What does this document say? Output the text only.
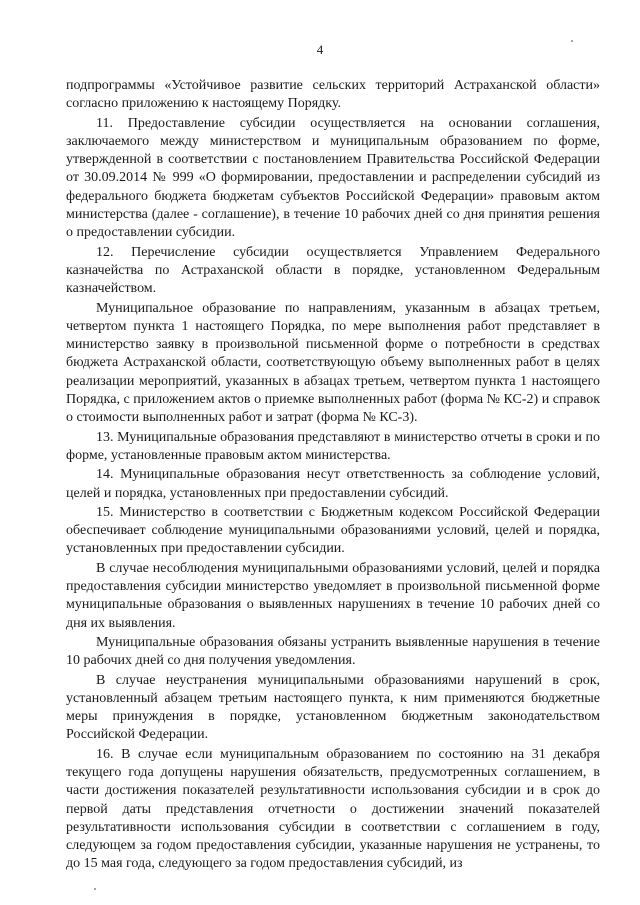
4

подпрограммы «Устойчивое развитие сельских территорий Астраханской области» согласно приложению к настоящему Порядку.

11. Предоставление субсидии осуществляется на основании соглашения, заключаемого между министерством и муниципальным образованием по форме, утвержденной в соответствии с постановлением Правительства Российской Федерации от 30.09.2014 № 999 «О формировании, предоставлении и распределении субсидий из федерального бюджета бюджетам субъектов Российской Федерации» правовым актом министерства (далее - соглашение), в течение 10 рабочих дней со дня принятия решения о предоставлении субсидии.

12. Перечисление субсидии осуществляется Управлением Федерального казначейства по Астраханской области в порядке, установленном Федеральным казначейством.

Муниципальное образование по направлениям, указанным в абзацах третьем, четвертом пункта 1 настоящего Порядка, по мере выполнения работ представляет в министерство заявку в произвольной письменной форме о потребности в средствах бюджета Астраханской области, соответствующую объему выполненных работ в целях реализации мероприятий, указанных в абзацах третьем, четвертом пункта 1 настоящего Порядка, с приложением актов о приемке выполненных работ (форма № КС-2) и справок о стоимости выполненных работ и затрат (форма № КС-3).

13. Муниципальные образования представляют в министерство отчеты в сроки и по форме, установленные правовым актом министерства.

14. Муниципальные образования несут ответственность за соблюдение условий, целей и порядка, установленных при предоставлении субсидий.

15. Министерство в соответствии с Бюджетным кодексом Российской Федерации обеспечивает соблюдение муниципальными образованиями условий, целей и порядка, установленных при предоставлении субсидии.

В случае несоблюдения муниципальными образованиями условий, целей и порядка предоставления субсидии министерство уведомляет в произвольной письменной форме муниципальные образования о выявленных нарушениях в течение 10 рабочих дней со дня их выявления.

Муниципальные образования обязаны устранить выявленные нарушения в течение 10 рабочих дней со дня получения уведомления.

В случае неустранения муниципальными образованиями нарушений в срок, установленный абзацем третьим настоящего пункта, к ним применяются бюджетные меры принуждения в порядке, установленном бюджетным законодательством Российской Федерации.

16. В случае если муниципальным образованием по состоянию на 31 декабря текущего года допущены нарушения обязательств, предусмотренных соглашением, в части достижения показателей результативности использования субсидии и в срок до первой даты представления отчетности о достижении значений показателей результативности использования субсидии в соответствии с соглашением в году, следующем за годом предоставления субсидии, указанные нарушения не устранены, то до 15 мая года, следующего за годом предоставления субсидий, из
